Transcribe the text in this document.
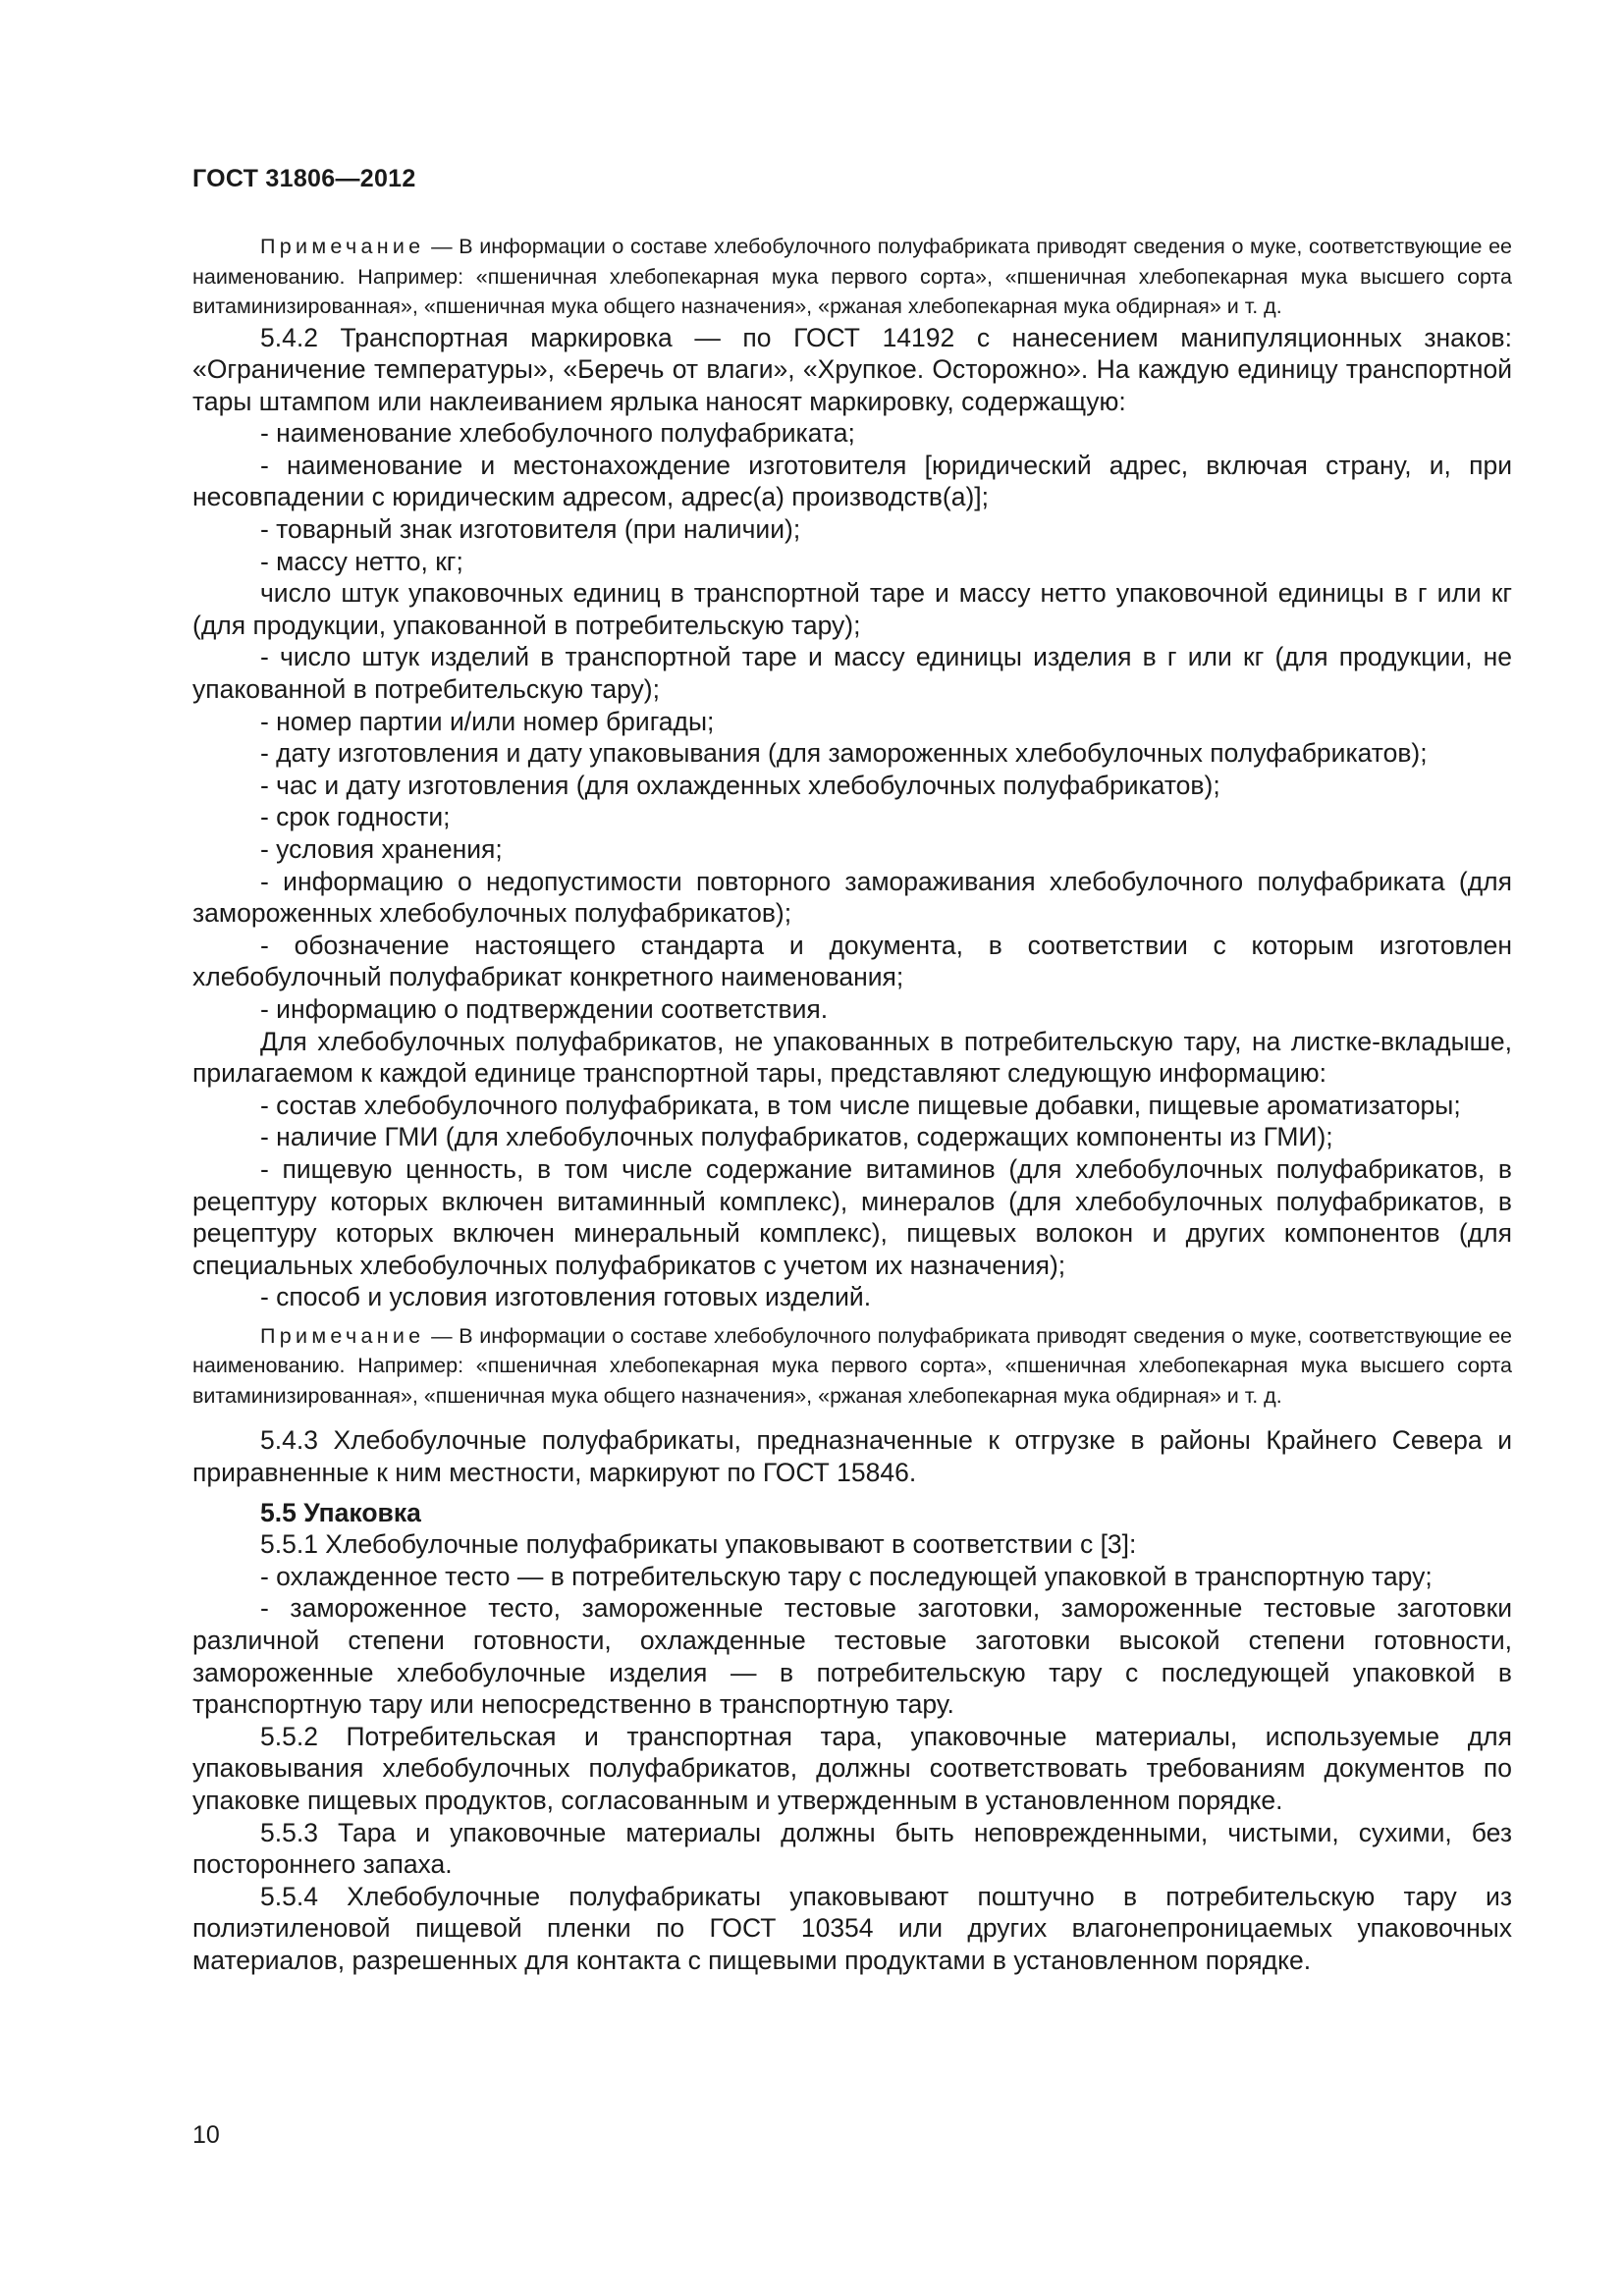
ГОСТ 31806—2012

Примечание — В информации о составе хлебобулочного полуфабриката приводят сведения о муке, соответствующие ее наименованию. Например: «пшеничная хлебопекарная мука первого сорта», «пшеничная хлебопекарная мука высшего сорта витаминизированная», «пшеничная мука общего назначения», «ржаная хлебопекарная мука обдирная» и т. д.

5.4.2 Транспортная маркировка — по ГОСТ 14192 с нанесением манипуляционных знаков: «Ограничение температуры», «Беречь от влаги», «Хрупкое. Осторожно». На каждую единицу транспортной тары штампом или наклеиванием ярлыка наносят маркировку, содержащую:

- наименование хлебобулочного полуфабриката;

- наименование и местонахождение изготовителя [юридический адрес, включая страну, и, при несовпадении с юридическим адресом, адрес(а) производств(а)];

- товарный знак изготовителя (при наличии);

- массу нетто, кг;

число штук упаковочных единиц в транспортной таре и массу нетто упаковочной единицы в г или кг (для продукции, упакованной в потребительскую тару);

- число штук изделий в транспортной таре и массу единицы изделия в г или кг (для продукции, не упакованной в потребительскую тару);

- номер партии и/или номер бригады;

- дату изготовления и дату упаковывания (для замороженных хлебобулочных полуфабрикатов);

- час и дату изготовления (для охлажденных хлебобулочных полуфабрикатов);

- срок годности;

- условия хранения;

- информацию о недопустимости повторного замораживания хлебобулочного полуфабриката (для замороженных хлебобулочных полуфабрикатов);

- обозначение настоящего стандарта и документа, в соответствии с которым изготовлен хлебобулочный полуфабрикат конкретного наименования;

- информацию о подтверждении соответствия.

Для хлебобулочных полуфабрикатов, не упакованных в потребительскую тару, на листке-вкладыше, прилагаемом к каждой единице транспортной тары, представляют следующую информацию:

- состав хлебобулочного полуфабриката, в том числе пищевые добавки, пищевые ароматизаторы;

- наличие ГМИ (для хлебобулочных полуфабрикатов, содержащих компоненты из ГМИ);

- пищевую ценность, в том числе содержание витаминов (для хлебобулочных полуфабрикатов, в рецептуру которых включен витаминный комплекс), минералов (для хлебобулочных полуфабрикатов, в рецептуру которых включен минеральный комплекс), пищевых волокон и других компонентов (для специальных хлебобулочных полуфабрикатов с учетом их назначения);

- способ и условия изготовления готовых изделий.

Примечание — В информации о составе хлебобулочного полуфабриката приводят сведения о муке, соответствующие ее наименованию. Например: «пшеничная хлебопекарная мука первого сорта», «пшеничная хлебопекарная мука высшего сорта витаминизированная», «пшеничная мука общего назначения», «ржаная хлебопекарная мука обдирная» и т. д.

5.4.3 Хлебобулочные полуфабрикаты, предназначенные к отгрузке в районы Крайнего Севера и приравненные к ним местности, маркируют по ГОСТ 15846.

5.5 Упаковка

5.5.1 Хлебобулочные полуфабрикаты упаковывают в соответствии с [3]:

- охлажденное тесто — в потребительскую тару с последующей упаковкой в транспортную тару;

- замороженное тесто, замороженные тестовые заготовки, замороженные тестовые заготовки различной степени готовности, охлажденные тестовые заготовки высокой степени готовности, замороженные хлебобулочные изделия — в потребительскую тару с последующей упаковкой в транспортную тару или непосредственно в транспортную тару.

5.5.2 Потребительская и транспортная тара, упаковочные материалы, используемые для упаковывания хлебобулочных полуфабрикатов, должны соответствовать требованиям документов по упаковке пищевых продуктов, согласованным и утвержденным в установленном порядке.

5.5.3 Тара и упаковочные материалы должны быть неповрежденными, чистыми, сухими, без постороннего запаха.

5.5.4 Хлебобулочные полуфабрикаты упаковывают поштучно в потребительскую тару из полиэтиленовой пищевой пленки по ГОСТ 10354 или других влагонепроницаемых упаковочных материалов, разрешенных для контакта с пищевыми продуктами в установленном порядке.

10
